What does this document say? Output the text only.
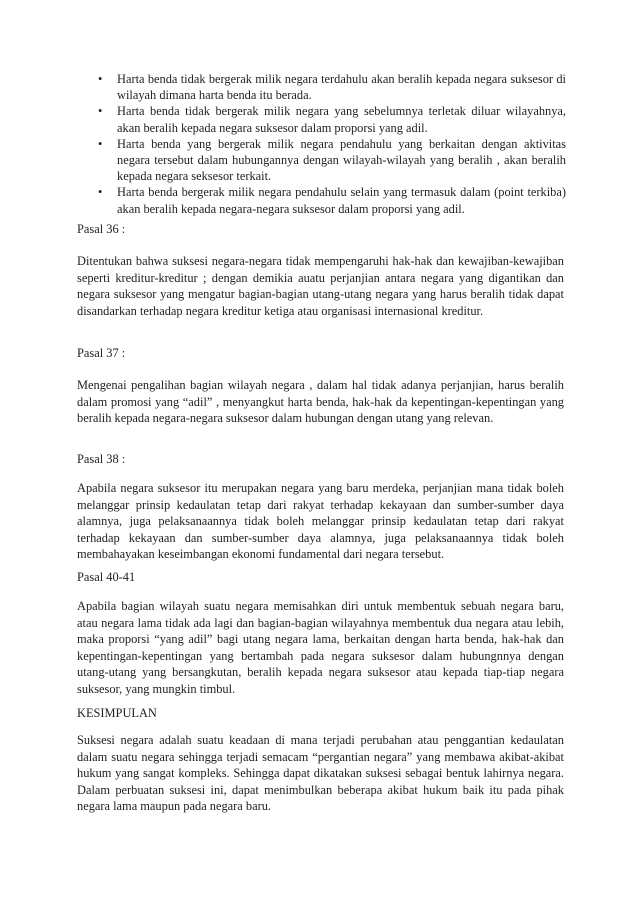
• Harta benda tidak bergerak milik negara terdahulu akan beralih kepada negara suksesor di wilayah dimana harta benda itu berada.
• Harta benda tidak bergerak milik negara yang sebelumnya terletak diluar wilayahnya, akan beralih kepada negara suksesor dalam proporsi yang adil.
• Harta benda yang bergerak milik negara pendahulu yang berkaitan dengan aktivitas negara tersebut dalam hubungannya dengan wilayah-wilayah yang beralih , akan beralih kepada negara seksesor terkait.
• Harta benda bergerak milik negara pendahulu selain yang termasuk dalam (point terkiba) akan beralih kepada negara-negara suksesor dalam proporsi yang adil.
Pasal 36 :
Ditentukan bahwa suksesi negara-negara tidak mempengaruhi hak-hak dan kewajiban-kewajiban seperti kreditur-kreditur ; dengan demikia auatu perjanjian antara negara yang digantikan dan negara suksesor yang mengatur bagian-bagian utang-utang negara yang harus beralih tidak dapat disandarkan terhadap negara kreditur ketiga atau organisasi internasional kreditur.
Pasal 37 :
Mengenai pengalihan bagian wilayah negara , dalam hal tidak adanya perjanjian, harus beralih dalam promosi yang “adil” , menyangkut harta benda, hak-hak da kepentingan-kepentingan yang beralih kepada negara-negara suksesor dalam hubungan dengan utang yang relevan.
Pasal 38 :
Apabila negara suksesor itu merupakan negara yang baru merdeka, perjanjian mana tidak boleh melanggar prinsip kedaulatan tetap dari rakyat terhadap kekayaan dan sumber-sumber daya alamnya, juga pelaksanaannya tidak boleh melanggar prinsip kedaulatan tetap dari rakyat terhadap kekayaan dan sumber-sumber daya alamnya, juga pelaksanaannya tidak boleh membahayakan keseimbangan ekonomi fundamental dari negara tersebut.
Pasal 40-41
Apabila bagian wilayah suatu negara memisahkan diri untuk membentuk sebuah negara baru, atau negara lama tidak ada lagi dan bagian-bagian wilayahnya membentuk dua negara atau lebih, maka proporsi “yang adil” bagi utang negara lama, berkaitan dengan harta benda, hak-hak dan kepentingan-kepentingan yang bertambah pada negara suksesor dalam hubungnnya dengan utang-utang yang bersangkutan, beralih kepada negara suksesor atau kepada tiap-tiap negara suksesor, yang mungkin timbul.
KESIMPULAN
Suksesi negara adalah suatu keadaan di mana terjadi perubahan atau penggantian kedaulatan dalam suatu negara sehingga terjadi semacam “pergantian negara” yang membawa akibat-akibat hukum yang sangat kompleks. Sehingga dapat dikatakan suksesi sebagai bentuk lahirnya negara. Dalam perbuatan suksesi ini, dapat menimbulkan beberapa akibat hukum baik itu pada pihak negara lama maupun pada negara baru.
